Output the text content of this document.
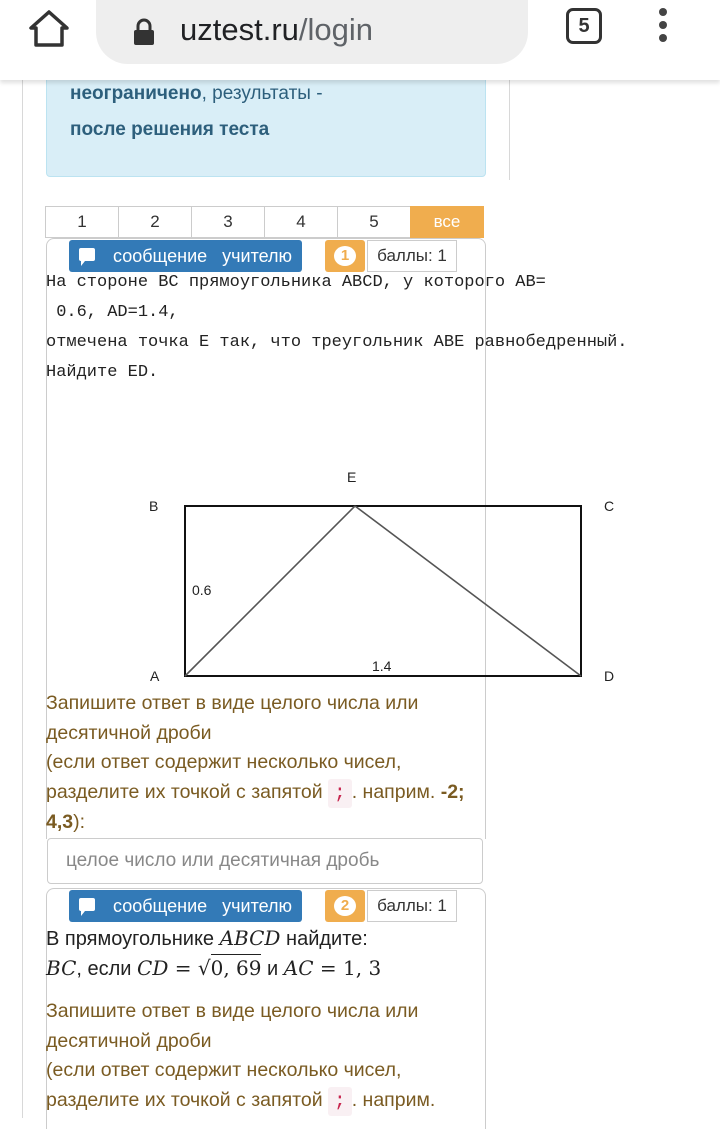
неограничено, результаты -
после решения теста
1	2	3	4	5	все
сообщение   учителю	1	баллы: 1
На стороне ВС прямоугольника ABCD, у которого AB=
0.6, AD=1.4,
отмечена точка Е так, что треугольник ABE равнобедренный.
Найдите ED.
B	C
E
A	D
0.6
1.4
Запишите ответ в виде целого числа или десятичной дроби
(если ответ содержит несколько чисел, разделите их точкой с запятой ; . наприм. -2; 4,3):
целое число или десятичная дробь
сообщение   учителю	2	баллы: 1
В прямоугольнике ABCD найдите:
BC, если CD = √0, 69 и AC = 1, 3
Запишите ответ в виде целого числа или десятичной дроби
(если ответ содержит несколько чисел, разделите их точкой с запятой ; . наприм.
uztest.ru/login	5
